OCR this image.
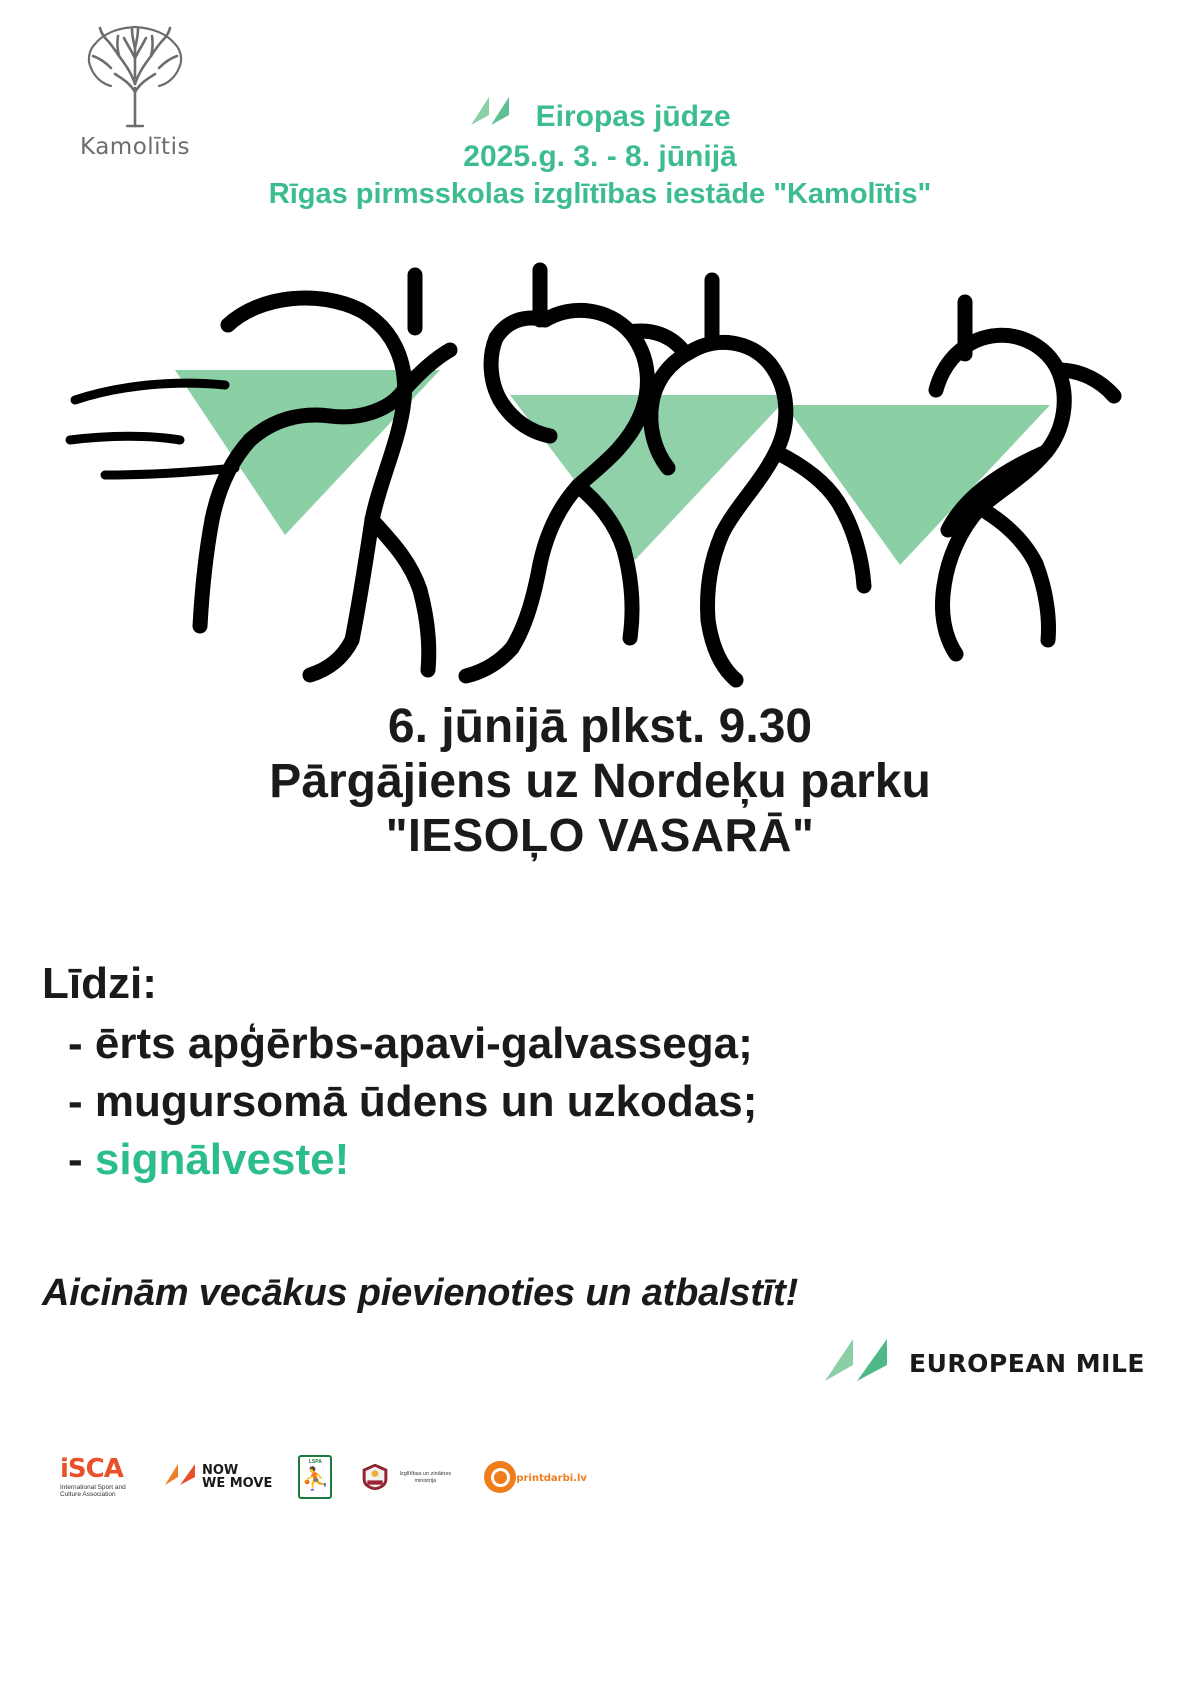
Kamolītis
Eiropas jūdze
2025.g. 3. - 8. jūnijā
Rīgas pirmsskolas izglītības iestāde "Kamolītis"
6. jūnijā plkst. 9.30
Pārgājiens uz Nordeķu parku
"IESOĻO VASARĀ"
Līdzi:
- ērts apģērbs-apavi-galvassega;
- mugursomā ūdens un uzkodas;
- signālveste!
Aicinām vecākus pievienoties un atbalstīt!
EUROPEAN MILE
iSCA
International Sport and Culture Association
NOW
WE MOVE
LSPA
⛹	Izglītības un zinātnes ministrija	printdarbi.lv
